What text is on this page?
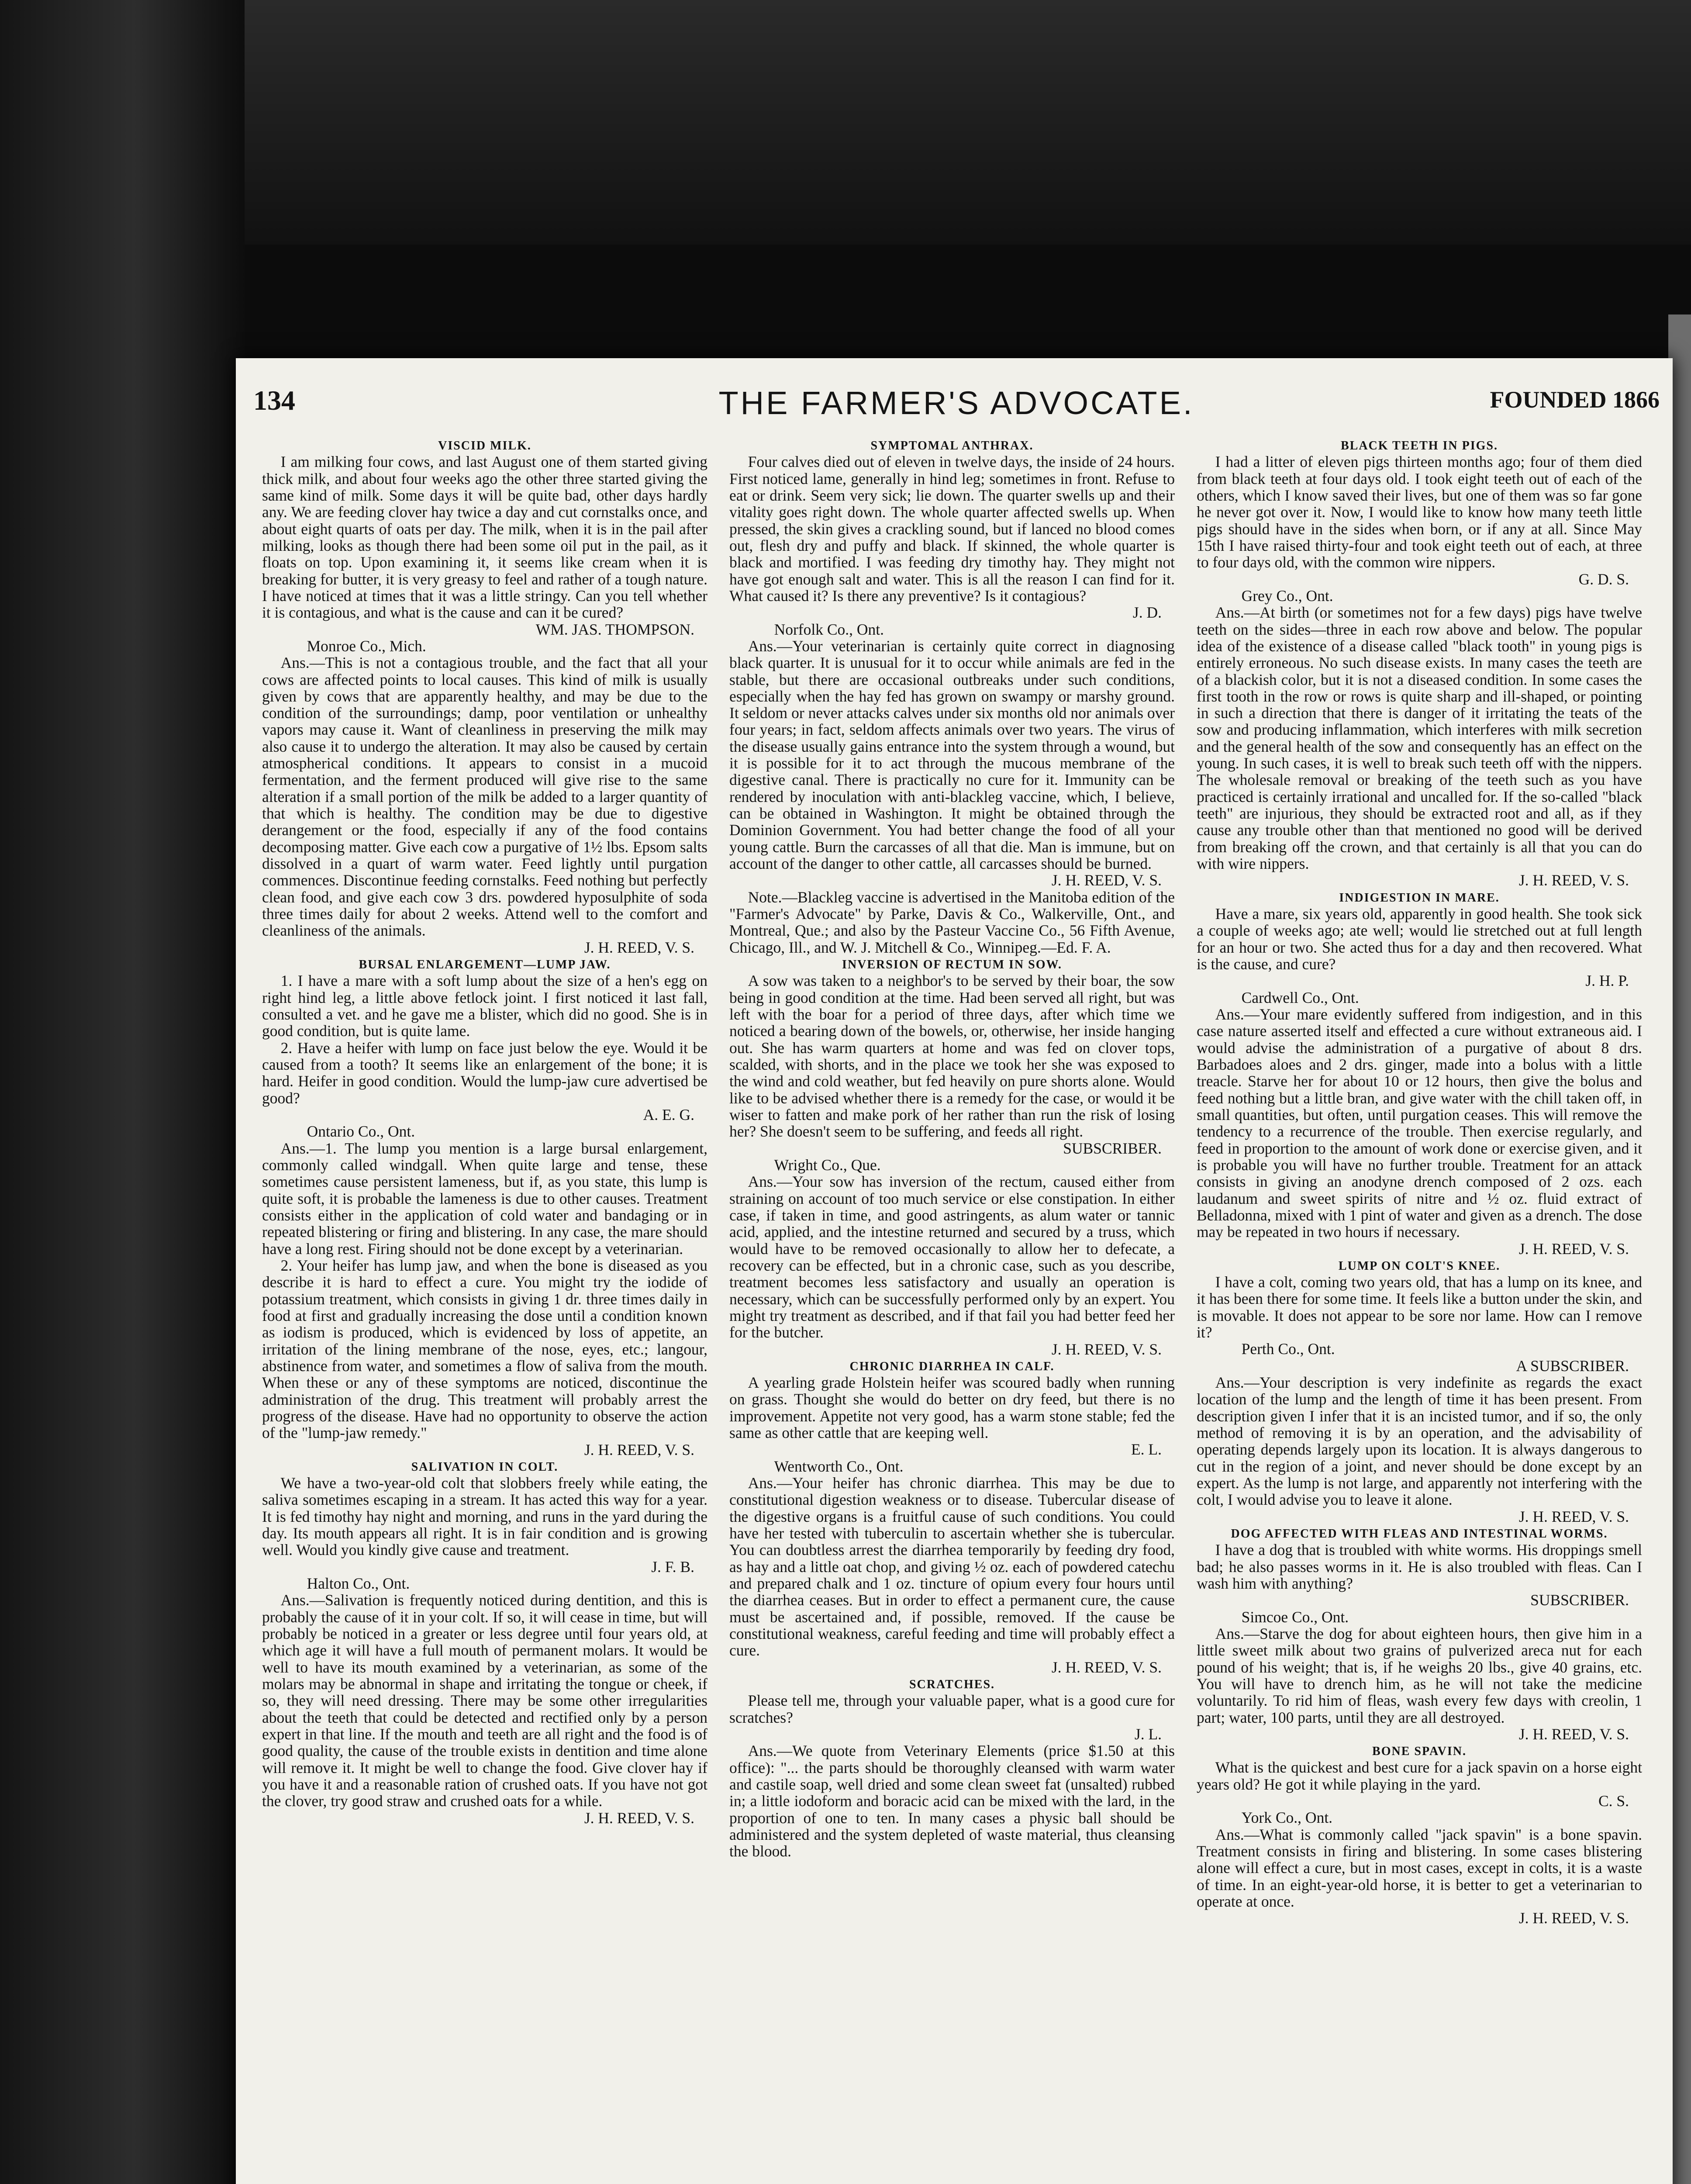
134	THE FARMER'S ADVOCATE.	FOUNDED 1866
VISCID MILK.

I am milking four cows, and last August one of them started giving thick milk, and about four weeks ago the other three started giving the same kind of milk. Some days it will be quite bad, other days hardly any. We are feeding clover hay twice a day and cut cornstalks once, and about eight quarts of oats per day. The milk, when it is in the pail after milking, looks as though there had been some oil put in the pail, as it floats on top. Upon examining it, it seems like cream when it is breaking for butter, it is very greasy to feel and rather of a tough nature. I have noticed at times that it was a little stringy. Can you tell whether it is contagious, and what is the cause and can it be cured?

WM. JAS. THOMPSON.

Monroe Co., Mich.

Ans.—This is not a contagious trouble, and the fact that all your cows are affected points to local causes. This kind of milk is usually given by cows that are apparently healthy, and may be due to the condition of the surroundings; damp, poor ventilation or unhealthy vapors may cause it. Want of cleanliness in preserving the milk may also cause it to undergo the alteration. It may also be caused by certain atmospherical conditions. It appears to consist in a mucoid fermentation, and the ferment produced will give rise to the same alteration if a small portion of the milk be added to a larger quantity of that which is healthy. The condition may be due to digestive derangement or the food, especially if any of the food contains decomposing matter. Give each cow a purgative of 1½ lbs. Epsom salts dissolved in a quart of warm water. Feed lightly until purgation commences. Discontinue feeding cornstalks. Feed nothing but perfectly clean food, and give each cow 3 drs. powdered hyposulphite of soda three times daily for about 2 weeks. Attend well to the comfort and cleanliness of the animals.

J. H. REED, V. S.

BURSAL ENLARGEMENT—LUMP JAW.

1. I have a mare with a soft lump about the size of a hen's egg on right hind leg, a little above fetlock joint. I first noticed it last fall, consulted a vet. and he gave me a blister, which did no good. She is in good condition, but is quite lame.

2. Have a heifer with lump on face just below the eye. Would it be caused from a tooth? It seems like an enlargement of the bone; it is hard. Heifer in good condition. Would the lump-jaw cure advertised be good?

A. E. G.

Ontario Co., Ont.

Ans.—1. The lump you mention is a large bursal enlargement, commonly called windgall. When quite large and tense, these sometimes cause persistent lameness, but if, as you state, this lump is quite soft, it is probable the lameness is due to other causes. Treatment consists either in the application of cold water and bandaging or in repeated blistering or firing and blistering. In any case, the mare should have a long rest. Firing should not be done except by a veterinarian.

2. Your heifer has lump jaw, and when the bone is diseased as you describe it is hard to effect a cure. You might try the iodide of potassium treatment, which consists in giving 1 dr. three times daily in food at first and gradually increasing the dose until a condition known as iodism is produced, which is evidenced by loss of appetite, an irritation of the lining membrane of the nose, eyes, etc.; langour, abstinence from water, and sometimes a flow of saliva from the mouth. When these or any of these symptoms are noticed, discontinue the administration of the drug. This treatment will probably arrest the progress of the disease. Have had no opportunity to observe the action of the "lump-jaw remedy."

J. H. REED, V. S.

SALIVATION IN COLT.

We have a two-year-old colt that slobbers freely while eating, the saliva sometimes escaping in a stream. It has acted this way for a year. It is fed timothy hay night and morning, and runs in the yard during the day. Its mouth appears all right. It is in fair condition and is growing well. Would you kindly give cause and treatment.

J. F. B.

Halton Co., Ont.

Ans.—Salivation is frequently noticed during dentition, and this is probably the cause of it in your colt. If so, it will cease in time, but will probably be noticed in a greater or less degree until four years old, at which age it will have a full mouth of permanent molars. It would be well to have its mouth examined by a veterinarian, as some of the molars may be abnormal in shape and irritating the tongue or cheek, if so, they will need dressing. There may be some other irregularities about the teeth that could be detected and rectified only by a person expert in that line. If the mouth and teeth are all right and the food is of good quality, the cause of the trouble exists in dentition and time alone will remove it. It might be well to change the food. Give clover hay if you have it and a reasonable ration of crushed oats. If you have not got the clover, try good straw and crushed oats for a while.

J. H. REED, V. S.

SYMPTOMAL ANTHRAX.

Four calves died out of eleven in twelve days, the inside of 24 hours. First noticed lame, generally in hind leg; sometimes in front. Refuse to eat or drink. Seem very sick; lie down. The quarter swells up and their vitality goes right down. The whole quarter affected swells up. When pressed, the skin gives a crackling sound, but if lanced no blood comes out, flesh dry and puffy and black. If skinned, the whole quarter is black and mortified. I was feeding dry timothy hay. They might not have got enough salt and water. This is all the reason I can find for it. What caused it? Is there any preventive? Is it contagious?

J. D.

Norfolk Co., Ont.

Ans.—Your veterinarian is certainly quite correct in diagnosing black quarter. It is unusual for it to occur while animals are fed in the stable, but there are occasional outbreaks under such conditions, especially when the hay fed has grown on swampy or marshy ground. It seldom or never attacks calves under six months old nor animals over four years; in fact, seldom affects animals over two years. The virus of the disease usually gains entrance into the system through a wound, but it is possible for it to act through the mucous membrane of the digestive canal. There is practically no cure for it. Immunity can be rendered by inoculation with anti-blackleg vaccine, which, I believe, can be obtained in Washington. It might be obtained through the Dominion Government. You had better change the food of all your young cattle. Burn the carcasses of all that die. Man is immune, but on account of the danger to other cattle, all carcasses should be burned.

J. H. REED, V. S.

Note.—Blackleg vaccine is advertised in the Manitoba edition of the "Farmer's Advocate" by Parke, Davis & Co., Walkerville, Ont., and Montreal, Que.; and also by the Pasteur Vaccine Co., 56 Fifth Avenue, Chicago, Ill., and W. J. Mitchell & Co., Winnipeg.—Ed. F. A.

INVERSION OF RECTUM IN SOW.

A sow was taken to a neighbor's to be served by their boar, the sow being in good condition at the time. Had been served all right, but was left with the boar for a period of three days, after which time we noticed a bearing down of the bowels, or, otherwise, her inside hanging out. She has warm quarters at home and was fed on clover tops, scalded, with shorts, and in the place we took her she was exposed to the wind and cold weather, but fed heavily on pure shorts alone. Would like to be advised whether there is a remedy for the case, or would it be wiser to fatten and make pork of her rather than run the risk of losing her? She doesn't seem to be suffering, and feeds all right.

SUBSCRIBER.

Wright Co., Que.

Ans.—Your sow has inversion of the rectum, caused either from straining on account of too much service or else constipation. In either case, if taken in time, and good astringents, as alum water or tannic acid, applied, and the intestine returned and secured by a truss, which would have to be removed occasionally to allow her to defecate, a recovery can be effected, but in a chronic case, such as you describe, treatment becomes less satisfactory and usually an operation is necessary, which can be successfully performed only by an expert. You might try treatment as described, and if that fail you had better feed her for the butcher.

J. H. REED, V. S.

CHRONIC DIARRHEA IN CALF.

A yearling grade Holstein heifer was scoured badly when running on grass. Thought she would do better on dry feed, but there is no improvement. Appetite not very good, has a warm stone stable; fed the same as other cattle that are keeping well.

E. L.

Wentworth Co., Ont.

Ans.—Your heifer has chronic diarrhea. This may be due to constitutional digestion weakness or to disease. Tubercular disease of the digestive organs is a fruitful cause of such conditions. You could have her tested with tuberculin to ascertain whether she is tubercular. You can doubtless arrest the diarrhea temporarily by feeding dry food, as hay and a little oat chop, and giving ½ oz. each of powdered catechu and prepared chalk and 1 oz. tincture of opium every four hours until the diarrhea ceases. But in order to effect a permanent cure, the cause must be ascertained and, if possible, removed. If the cause be constitutional weakness, careful feeding and time will probably effect a cure.

J. H. REED, V. S.

SCRATCHES.

Please tell me, through your valuable paper, what is a good cure for scratches?

J. L.

Ans.—We quote from Veterinary Elements (price $1.50 at this office): "... the parts should be thoroughly cleansed with warm water and castile soap, well dried and some clean sweet fat (unsalted) rubbed in; a little iodoform and boracic acid can be mixed with the lard, in the proportion of one to ten. In many cases a physic ball should be administered and the system depleted of waste material, thus cleansing the blood.

BLACK TEETH IN PIGS.

I had a litter of eleven pigs thirteen months ago; four of them died from black teeth at four days old. I took eight teeth out of each of the others, which I know saved their lives, but one of them was so far gone he never got over it. Now, I would like to know how many teeth little pigs should have in the sides when born, or if any at all. Since May 15th I have raised thirty-four and took eight teeth out of each, at three to four days old, with the common wire nippers.

G. D. S.

Grey Co., Ont.

Ans.—At birth (or sometimes not for a few days) pigs have twelve teeth on the sides—three in each row above and below. The popular idea of the existence of a disease called "black tooth" in young pigs is entirely erroneous. No such disease exists. In many cases the teeth are of a blackish color, but it is not a diseased condition. In some cases the first tooth in the row or rows is quite sharp and ill-shaped, or pointing in such a direction that there is danger of it irritating the teats of the sow and producing inflammation, which interferes with milk secretion and the general health of the sow and consequently has an effect on the young. In such cases, it is well to break such teeth off with the nippers. The wholesale removal or breaking of the teeth such as you have practiced is certainly irrational and uncalled for. If the so-called "black teeth" are injurious, they should be extracted root and all, as if they cause any trouble other than that mentioned no good will be derived from breaking off the crown, and that certainly is all that you can do with wire nippers.

J. H. REED, V. S.

INDIGESTION IN MARE.

Have a mare, six years old, apparently in good health. She took sick a couple of weeks ago; ate well; would lie stretched out at full length for an hour or two. She acted thus for a day and then recovered. What is the cause, and cure?

J. H. P.

Cardwell Co., Ont.

Ans.—Your mare evidently suffered from indigestion, and in this case nature asserted itself and effected a cure without extraneous aid. I would advise the administration of a purgative of about 8 drs. Barbadoes aloes and 2 drs. ginger, made into a bolus with a little treacle. Starve her for about 10 or 12 hours, then give the bolus and feed nothing but a little bran, and give water with the chill taken off, in small quantities, but often, until purgation ceases. This will remove the tendency to a recurrence of the trouble. Then exercise regularly, and feed in proportion to the amount of work done or exercise given, and it is probable you will have no further trouble. Treatment for an attack consists in giving an anodyne drench composed of 2 ozs. each laudanum and sweet spirits of nitre and ½ oz. fluid extract of Belladonna, mixed with 1 pint of water and given as a drench. The dose may be repeated in two hours if necessary.

J. H. REED, V. S.

LUMP ON COLT'S KNEE.

I have a colt, coming two years old, that has a lump on its knee, and it has been there for some time. It feels like a button under the skin, and is movable. It does not appear to be sore nor lame. How can I remove it?

Perth Co., Ont.

A SUBSCRIBER.

Ans.—Your description is very indefinite as regards the exact location of the lump and the length of time it has been present. From description given I infer that it is an incisted tumor, and if so, the only method of removing it is by an operation, and the advisability of operating depends largely upon its location. It is always dangerous to cut in the region of a joint, and never should be done except by an expert. As the lump is not large, and apparently not interfering with the colt, I would advise you to leave it alone.

J. H. REED, V. S.

DOG AFFECTED WITH FLEAS AND INTESTINAL WORMS.

I have a dog that is troubled with white worms. His droppings smell bad; he also passes worms in it. He is also troubled with fleas. Can I wash him with anything?

SUBSCRIBER.

Simcoe Co., Ont.

Ans.—Starve the dog for about eighteen hours, then give him in a little sweet milk about two grains of pulverized areca nut for each pound of his weight; that is, if he weighs 20 lbs., give 40 grains, etc. You will have to drench him, as he will not take the medicine voluntarily. To rid him of fleas, wash every few days with creolin, 1 part; water, 100 parts, until they are all destroyed.

J. H. REED, V. S.

BONE SPAVIN.

What is the quickest and best cure for a jack spavin on a horse eight years old? He got it while playing in the yard.

C. S.

York Co., Ont.

Ans.—What is commonly called "jack spavin" is a bone spavin. Treatment consists in firing and blistering. In some cases blistering alone will effect a cure, but in most cases, except in colts, it is a waste of time. In an eight-year-old horse, it is better to get a veterinarian to operate at once.

J. H. REED, V. S.
